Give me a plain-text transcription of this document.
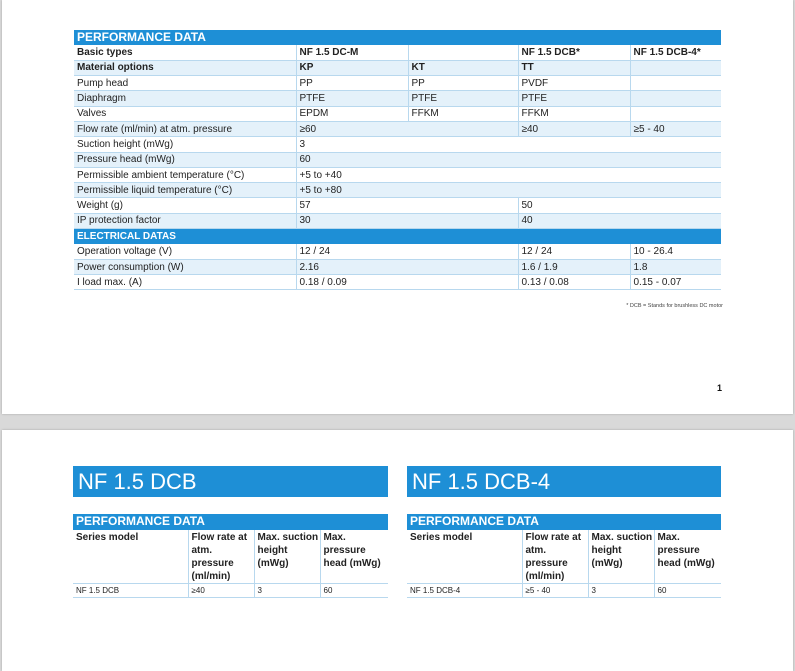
PERFORMANCE DATA
Basic types	NF 1.5 DC-M		NF 1.5 DCB*	NF 1.5 DCB-4*
Material options	KP	KT	TT	
Pump head	PP	PP	PVDF	
Diaphragm	PTFE	PTFE	PTFE	
Valves	EPDM	FFKM	FFKM	
Flow rate (ml/min) at atm. pressure	≥60		≥40	≥5 - 40
Suction height (mWg)	3			
Pressure head (mWg)	60			
Permissible ambient temperature (°C)	+5 to +40			
Permissible liquid temperature (°C)	+5 to +80			
Weight (g)	57		50	
IP protection factor	30		40	
ELECTRICAL DATAS				
Operation voltage (V)	12 / 24		12 / 24	10 - 26.4
Power consumption (W)	2.16		1.6 / 1.9	1.8
I load max. (A)	0.18 / 0.09		0.13 / 0.08	0.15 - 0.07
* DCB = Stands for brushless DC motor
1
NF 1.5 DCB
PERFORMANCE DATA
Series model	Flow rate at atm. pressure (ml/min)	Max. suction height (mWg)	Max. pressure head (mWg)
NF 1.5 DCB	≥40	3	60
NF 1.5 DCB-4
PERFORMANCE DATA
Series model	Flow rate at atm. pressure (ml/min)	Max. suction height (mWg)	Max. pressure head (mWg)
NF 1.5 DCB-4	≥5 - 40	3	60
